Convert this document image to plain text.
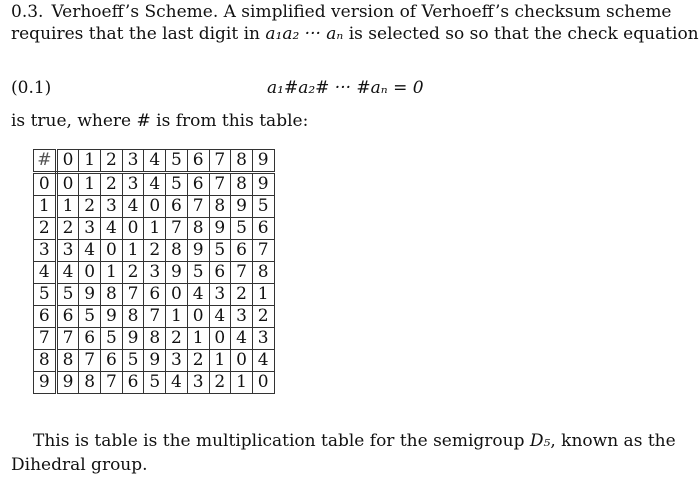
0.3. Verhoeff’s Scheme. A simplified version of Verhoeff’s checksum scheme
requires that the last digit in a₁a₂ ··· aₙ is selected so so that the check equation
(0.1)	a₁#a₂# ··· #aₙ = 0
is true, where # is from this table:
#	0	1	2	3	4	5	6	7	8	9
0	0	1	2	3	4	5	6	7	8	9
1	1	2	3	4	0	6	7	8	9	5
2	2	3	4	0	1	7	8	9	5	6
3	3	4	0	1	2	8	9	5	6	7
4	4	0	1	2	3	9	5	6	7	8
5	5	9	8	7	6	0	4	3	2	1
6	6	5	9	8	7	1	0	4	3	2
7	7	6	5	9	8	2	1	0	4	3
8	8	7	6	5	9	3	2	1	0	4
9	9	8	7	6	5	4	3	2	1	0
This is table is the multiplication table for the semigroup D₅, known as the
Dihedral group.
